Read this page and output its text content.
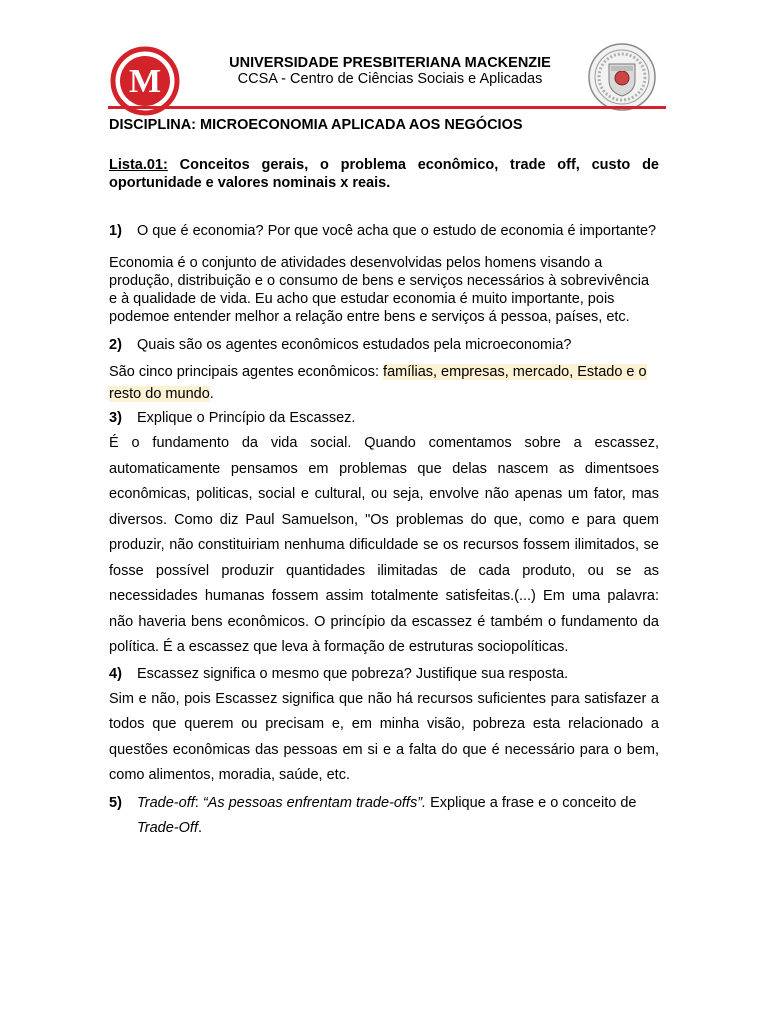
M	UNIVERSIDADE PRESBITERIANA MACKENZIE
CCSA - Centro de Ciências Sociais e Aplicadas

DISCIPLINA: MICROECONOMIA APLICADA AOS NEGÓCIOS

Lista.01: Conceitos gerais, o problema econômico, trade off, custo de oportunidade e valores nominais x reais.

1)	O que é economia? Por que você acha que o estudo de economia é importante?

Economia é o conjunto de atividades desenvolvidas pelos homens visando a produção, distribuição e o consumo de bens e serviços necessários à sobrevivência e à qualidade de vida. Eu acho que estudar economia é muito importante, pois podemoe entender melhor a relação entre bens e serviços á pessoa, países, etc.

2)	Quais são os agentes econômicos estudados pela microeconomia?

São cinco principais agentes econômicos: famílias, empresas, mercado, Estado e o resto do mundo.

3)	Explique o Princípio da Escassez.

É o fundamento da vida social. Quando comentamos sobre a escassez, automaticamente pensamos em problemas que delas nascem as dimentsoes econômicas, politicas, social e cultural, ou seja, envolve não apenas um fator, mas diversos. Como diz Paul Samuelson, "Os problemas do que, como e para quem produzir, não constituiriam nenhuma dificuldade se os recursos fossem ilimitados, se fosse possível produzir quantidades ilimitadas de cada produto, ou se as necessidades humanas fossem assim totalmente satisfeitas.(...) Em uma palavra: não haveria bens econômicos. O princípio da escassez é também o fundamento da política. É a escassez que leva à formação de estruturas sociopolíticas.

4)	Escassez significa o mesmo que pobreza? Justifique sua resposta.

Sim e não, pois Escassez significa que não há recursos suficientes para satisfazer a todos que querem ou precisam e, em minha visão, pobreza esta relacionado a questões econômicas das pessoas em si e a falta do que é necessário para o bem, como alimentos, moradia, saúde, etc.

5)	Trade-off: “As pessoas enfrentam trade-offs”. Explique a frase e o conceito de Trade-Off.
